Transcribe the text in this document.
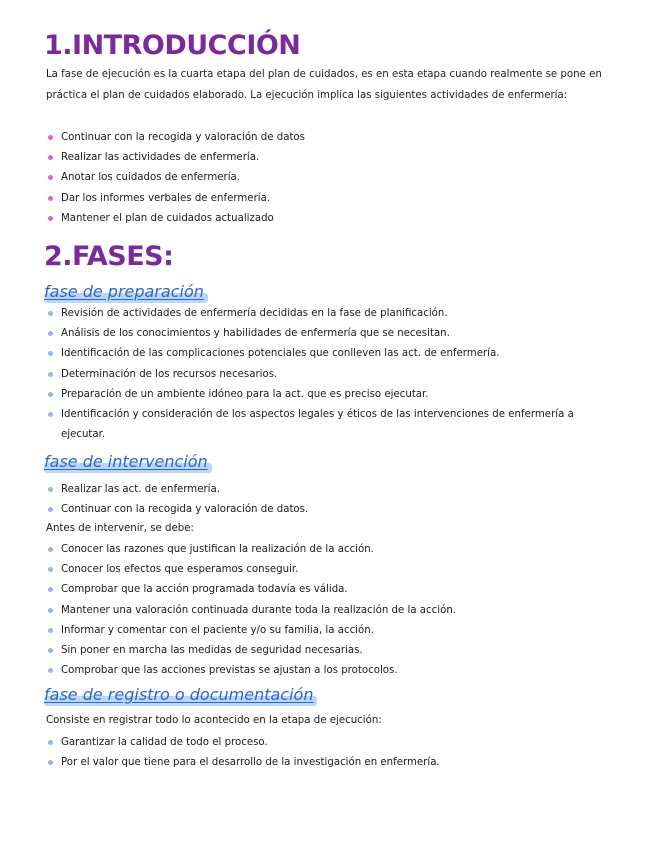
1.INTRODUCCIÓN
La fase de ejecución es la cuarta etapa del plan de cuidados, es en esta etapa cuando realmente se pone en práctica el plan de cuidados elaborado. La ejecución implica las siguientes actividades de enfermería:
Continuar con la recogida y valoración de datos
Realizar las actividades de enfermería.
Anotar los cuidados de enfermería.
Dar los informes verbales de enfermería.
Mantener el plan de cuidados actualizado
2.FASES:
fase de preparación
Revisión de actividades de enfermería decididas en la fase de planificación.
Análisis de los conocimientos y habilidades de enfermería que se necesitan.
Identificación de las complicaciones potenciales que conlleven las act. de enfermería.
Determinación de los recursos necesarios.
Preparación de un ambiente idóneo para la act. que es preciso ejecutar.
Identificación y consideración de los aspectos legales y éticos de las intervenciones de enfermería a ejecutar.
fase de intervención
Realizar las act. de enfermería.
Continuar con la recogida y valoración de datos.
Antes de intervenir, se debe:
Conocer las razones que justifican la realización de la acción.
Conocer los efectos que esperamos conseguir.
Comprobar que la acción programada todavía es válida.
Mantener una valoración continuada durante toda la realización de la acción.
Informar y comentar con el paciente y/o su familia, la acción.
Sin poner en marcha las medidas de seguridad necesarias.
Comprobar que las acciones previstas se ajustan a los protocolos.
fase de registro o documentación
Consiste en registrar todo lo acontecido en la etapa de ejecución:
Garantizar la calidad de todo el proceso.
Por el valor que tiene para el desarrollo de la investigación en enfermería.
